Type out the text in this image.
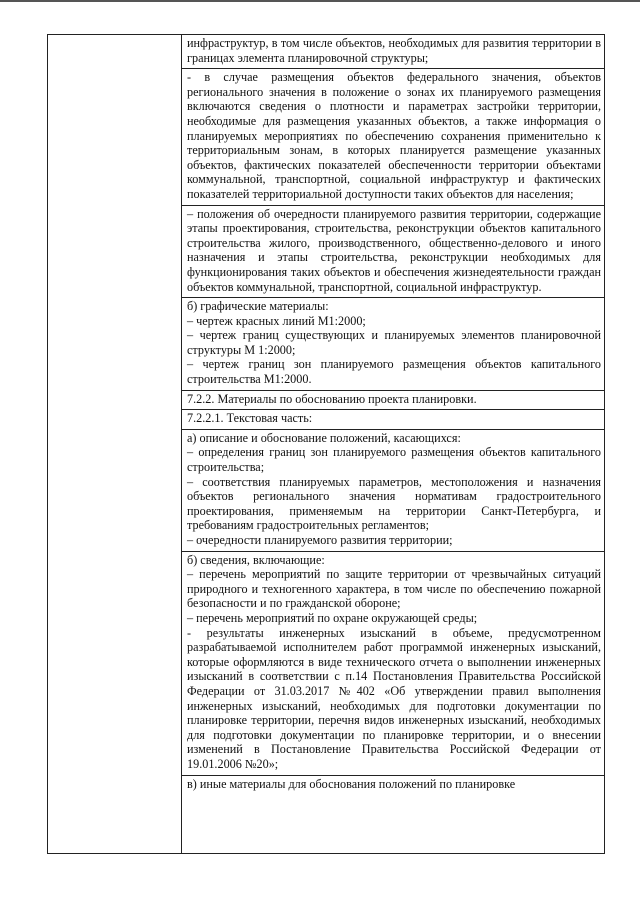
инфраструктур, в том числе объектов, необходимых для развития территории в границах элемента планировочной структуры;
- в случае размещения объектов федерального значения, объектов регионального значения в положение о зонах их планируемого размещения включаются сведения о плотности и параметрах застройки территории, необходимые для размещения указанных объектов, а также информация о планируемых мероприятиях по обеспечению сохранения применительно к территориальным зонам, в которых планируется размещение указанных объектов, фактических показателей обеспеченности территории объектами коммунальной, транспортной, социальной инфраструктур и фактических показателей территориальной доступности таких объектов для населения;
– положения об очередности планируемого развития территории, содержащие этапы проектирования, строительства, реконструкции объектов капитального строительства жилого, производственного, общественно-делового и иного назначения и этапы строительства, реконструкции необходимых для функционирования таких объектов и обеспечения жизнедеятельности граждан объектов коммунальной, транспортной, социальной инфраструктур.
б) графические материалы:
– чертеж красных линий М1:2000;
– чертеж границ существующих и планируемых элементов планировочной структуры М 1:2000;
– чертеж границ зон планируемого размещения объектов капитального строительства М1:2000.
7.2.2. Материалы по обоснованию проекта планировки.
7.2.2.1. Текстовая часть:
а) описание и обоснование положений, касающихся:
– определения границ зон планируемого размещения объектов капитального строительства;
– соответствия планируемых параметров, местоположения и назначения объектов регионального значения нормативам градостроительного проектирования, применяемым на территории Санкт-Петербурга, и требованиям градостроительных регламентов;
– очередности планируемого развития территории;
б) сведения, включающие:
– перечень мероприятий по защите территории от чрезвычайных ситуаций природного и техногенного характера, в том числе по обеспечению пожарной безопасности и по гражданской обороне;
– перечень мероприятий по охране окружающей среды;
- результаты инженерных изысканий в объеме, предусмотренном разрабатываемой исполнителем работ программой инженерных изысканий, которые оформляются в виде технического отчета о выполнении инженерных изысканий в соответствии с п.14 Постановления Правительства Российской Федерации от 31.03.2017 №402 «Об утверждении правил выполнения инженерных изысканий, необходимых для подготовки документации по планировке территории, перечня видов инженерных изысканий, необходимых для подготовки документации по планировке территории, и о внесении изменений в Постановление Правительства Российской Федерации от 19.01.2006 №20»;
в) иные материалы для обоснования положений по планировке
